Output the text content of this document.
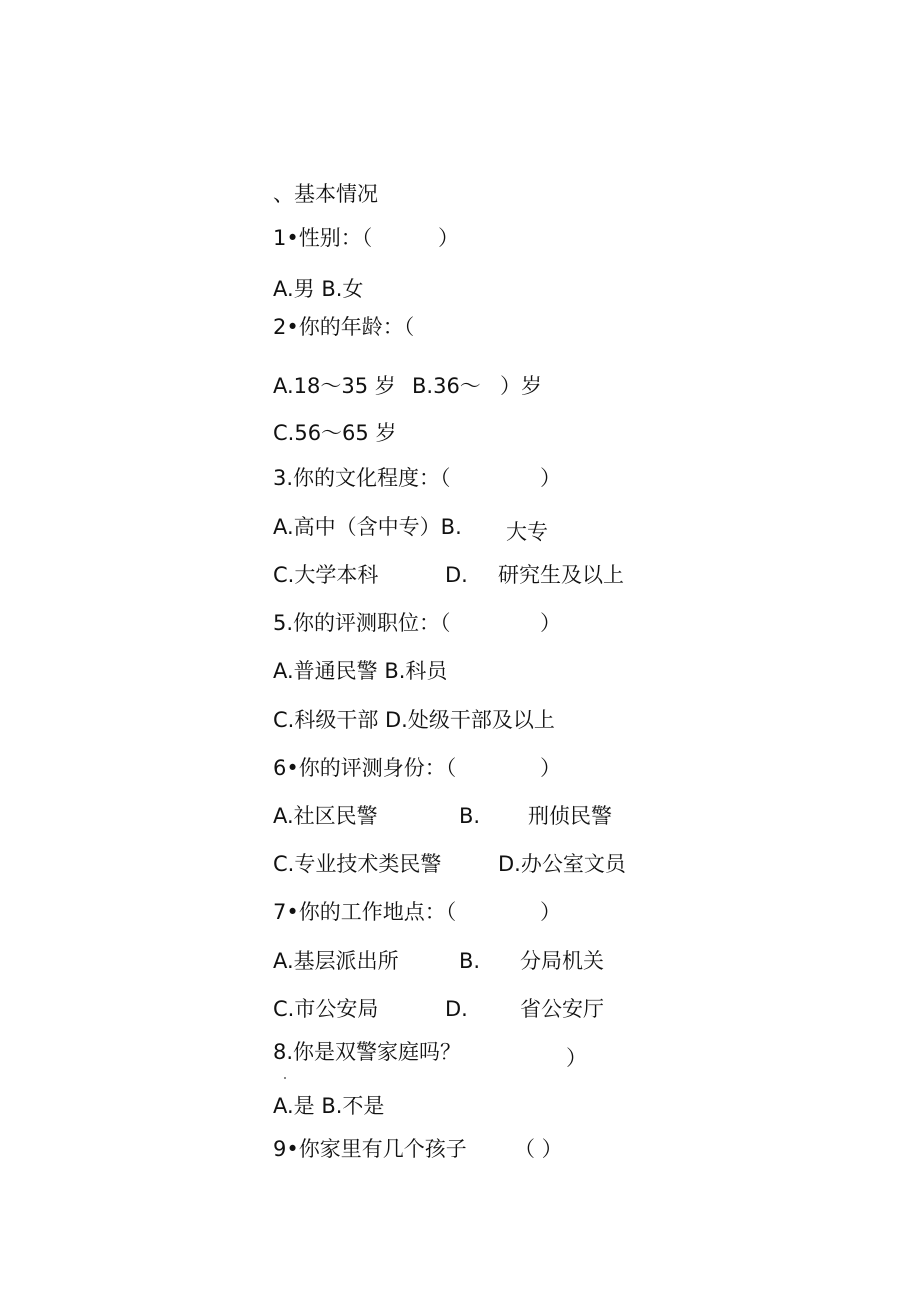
、基本情况
1•性别：（	）
A.男 B.女
2•你的年龄：（
A.18〜35 岁 B.36〜 ）岁
C.56〜65 岁
3.你的文化程度：（	）
A.高中（含中专）B. 大专
C.大学本科	D. 研究生及以上
5.你的评测职位：（	）
A.普通民警 B.科员
C.科级干部 D.处级干部及以上
6•你的评测身份：（	）
A.社区民警	B. 刑侦民警
C.专业技术类民警	D.办公室文员
7•你的工作地点：（	）
A.基层派出所	B. 分局机关
C.市公安局	D. 省公安厅
8.你是双警家庭吗？	）
A.是 B.不是
9•你家里有几个孩子 （ ）
